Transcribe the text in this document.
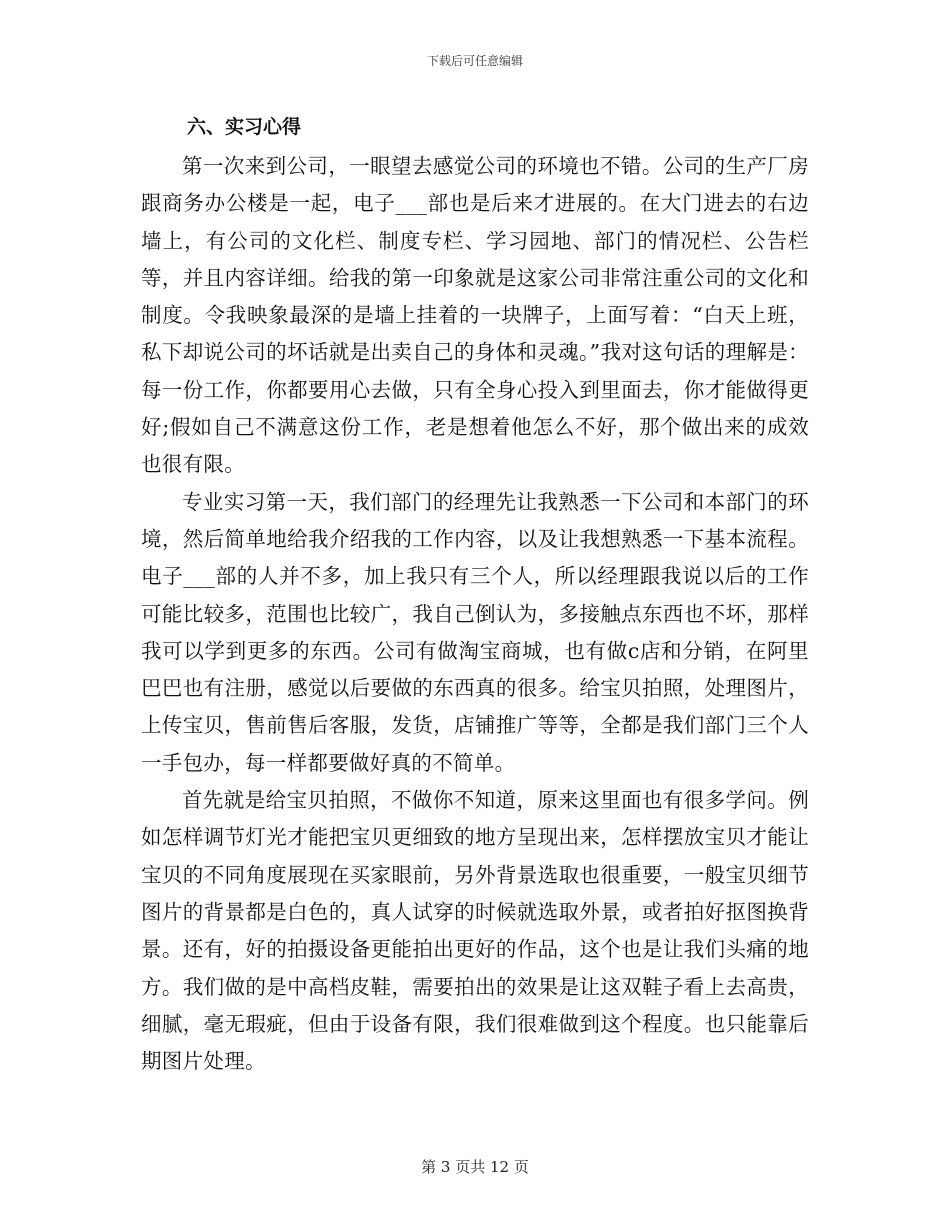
下载后可任意编辑
六、实习心得

第一次来到公司，一眼望去感觉公司的环境也不错。公司的生产厂房跟商务办公楼是一起，电子___部也是后来才进展的。在大门进去的右边墙上，有公司的文化栏、制度专栏、学习园地、部门的情况栏、公告栏等，并且内容详细。给我的第一印象就是这家公司非常注重公司的文化和制度。令我映象最深的是墙上挂着的一块牌子，上面写着：“白天上班，私下却说公司的坏话就是出卖自己的身体和灵魂。”我对这句话的理解是：每一份工作，你都要用心去做，只有全身心投入到里面去，你才能做得更好;假如自己不满意这份工作，老是想着他怎么不好，那个做出来的成效也很有限。

专业实习第一天，我们部门的经理先让我熟悉一下公司和本部门的环境，然后简单地给我介绍我的工作内容，以及让我想熟悉一下基本流程。电子___部的人并不多，加上我只有三个人，所以经理跟我说以后的工作可能比较多，范围也比较广，我自己倒认为，多接触点东西也不坏，那样我可以学到更多的东西。公司有做淘宝商城，也有做c店和分销，在阿里巴巴也有注册，感觉以后要做的东西真的很多。给宝贝拍照，处理图片，上传宝贝，售前售后客服，发货，店铺推广等等，全都是我们部门三个人一手包办，每一样都要做好真的不简单。

首先就是给宝贝拍照，不做你不知道，原来这里面也有很多学问。例如怎样调节灯光才能把宝贝更细致的地方呈现出来，怎样摆放宝贝才能让宝贝的不同角度展现在买家眼前，另外背景选取也很重要，一般宝贝细节图片的背景都是白色的，真人试穿的时候就选取外景，或者拍好抠图换背景。还有，好的拍摄设备更能拍出更好的作品，这个也是让我们头痛的地方。我们做的是中高档皮鞋，需要拍出的效果是让这双鞋子看上去高贵，细腻，毫无瑕疵，但由于设备有限，我们很难做到这个程度。也只能靠后期图片处理。

第 3 页共 12 页
